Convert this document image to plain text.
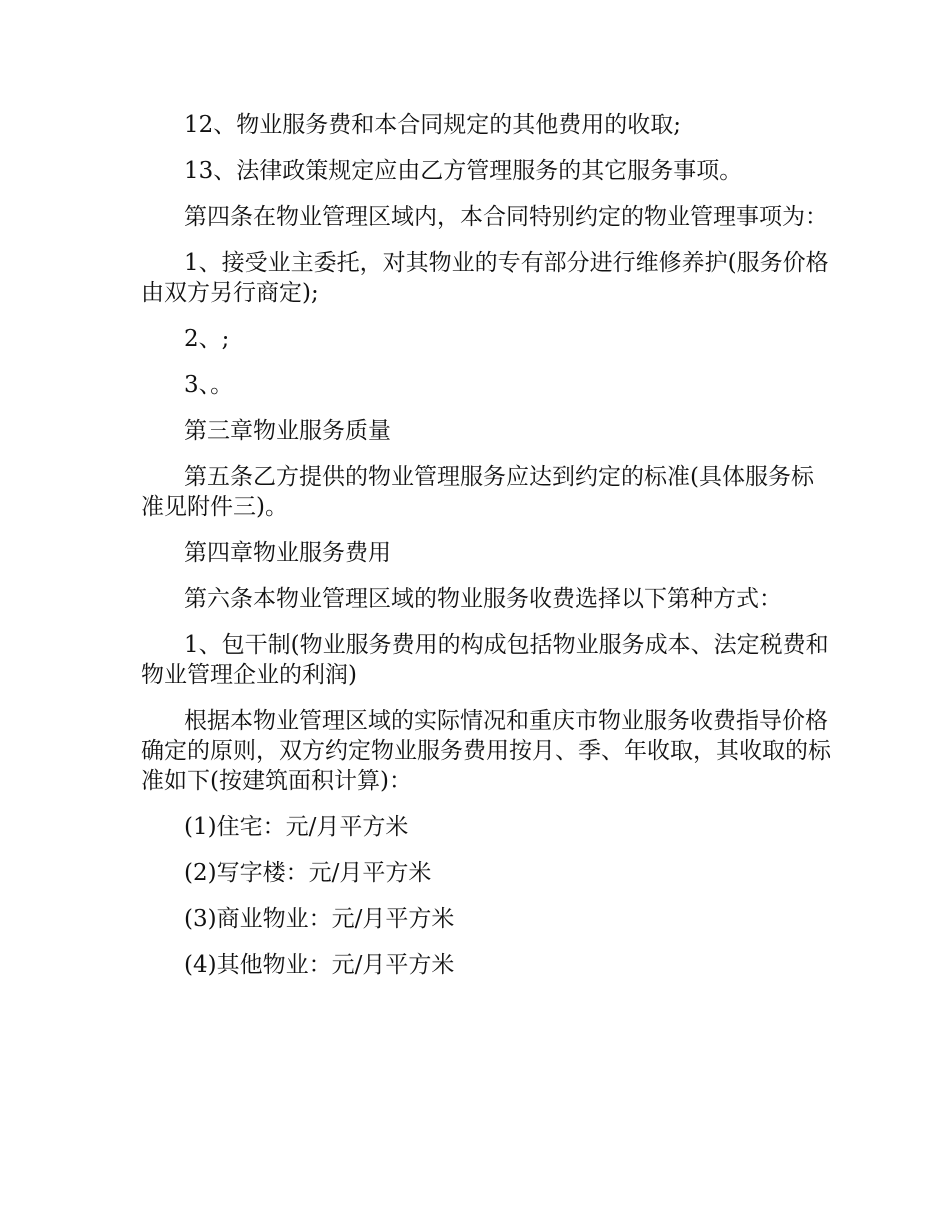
12、物业服务费和本合同规定的其他费用的收取;

13、法律政策规定应由乙方管理服务的其它服务事项。

第四条在物业管理区域内，本合同特别约定的物业管理事项为：

1、接受业主委托，对其物业的专有部分进行维修养护(服务价格由双方另行商定);

2、;

3、。

第三章物业服务质量

第五条乙方提供的物业管理服务应达到约定的标准(具体服务标准见附件三)。

第四章物业服务费用

第六条本物业管理区域的物业服务收费选择以下第种方式：

1、包干制(物业服务费用的构成包括物业服务成本、法定税费和物业管理企业的利润)

根据本物业管理区域的实际情况和重庆市物业服务收费指导价格确定的原则，双方约定物业服务费用按月、季、年收取，其收取的标准如下(按建筑面积计算)：

(1)住宅：元/月平方米

(2)写字楼：元/月平方米

(3)商业物业：元/月平方米

(4)其他物业：元/月平方米
